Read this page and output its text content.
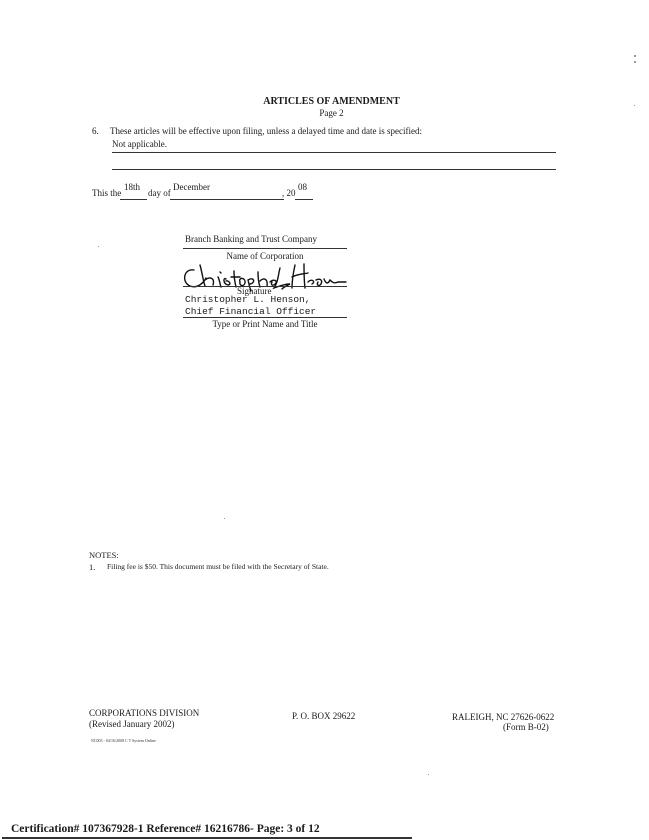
ARTICLES OF AMENDMENT
Page 2
6. These articles will be effective upon filing, unless a delayed time and date is specified:
Not applicable.
This the
18th
day of
December
, 20
08
Branch Banking and Trust Company
Name of Corporation
Signature
Christopher L. Henson,
Chief Financial Officer
Type or Print Name and Title
NOTES:
1. Filing fee is $50. This document must be filed with the Secretary of State.
CORPORATIONS DIVISION
(Revised January 2002)
P. O. BOX 29622	RALEIGH, NC 27626-0622
(Form B-02)
NC003 - 04/16/2008 C T System Online
Certification# 107367928-1 Reference# 16216786- Page: 3 of 12
